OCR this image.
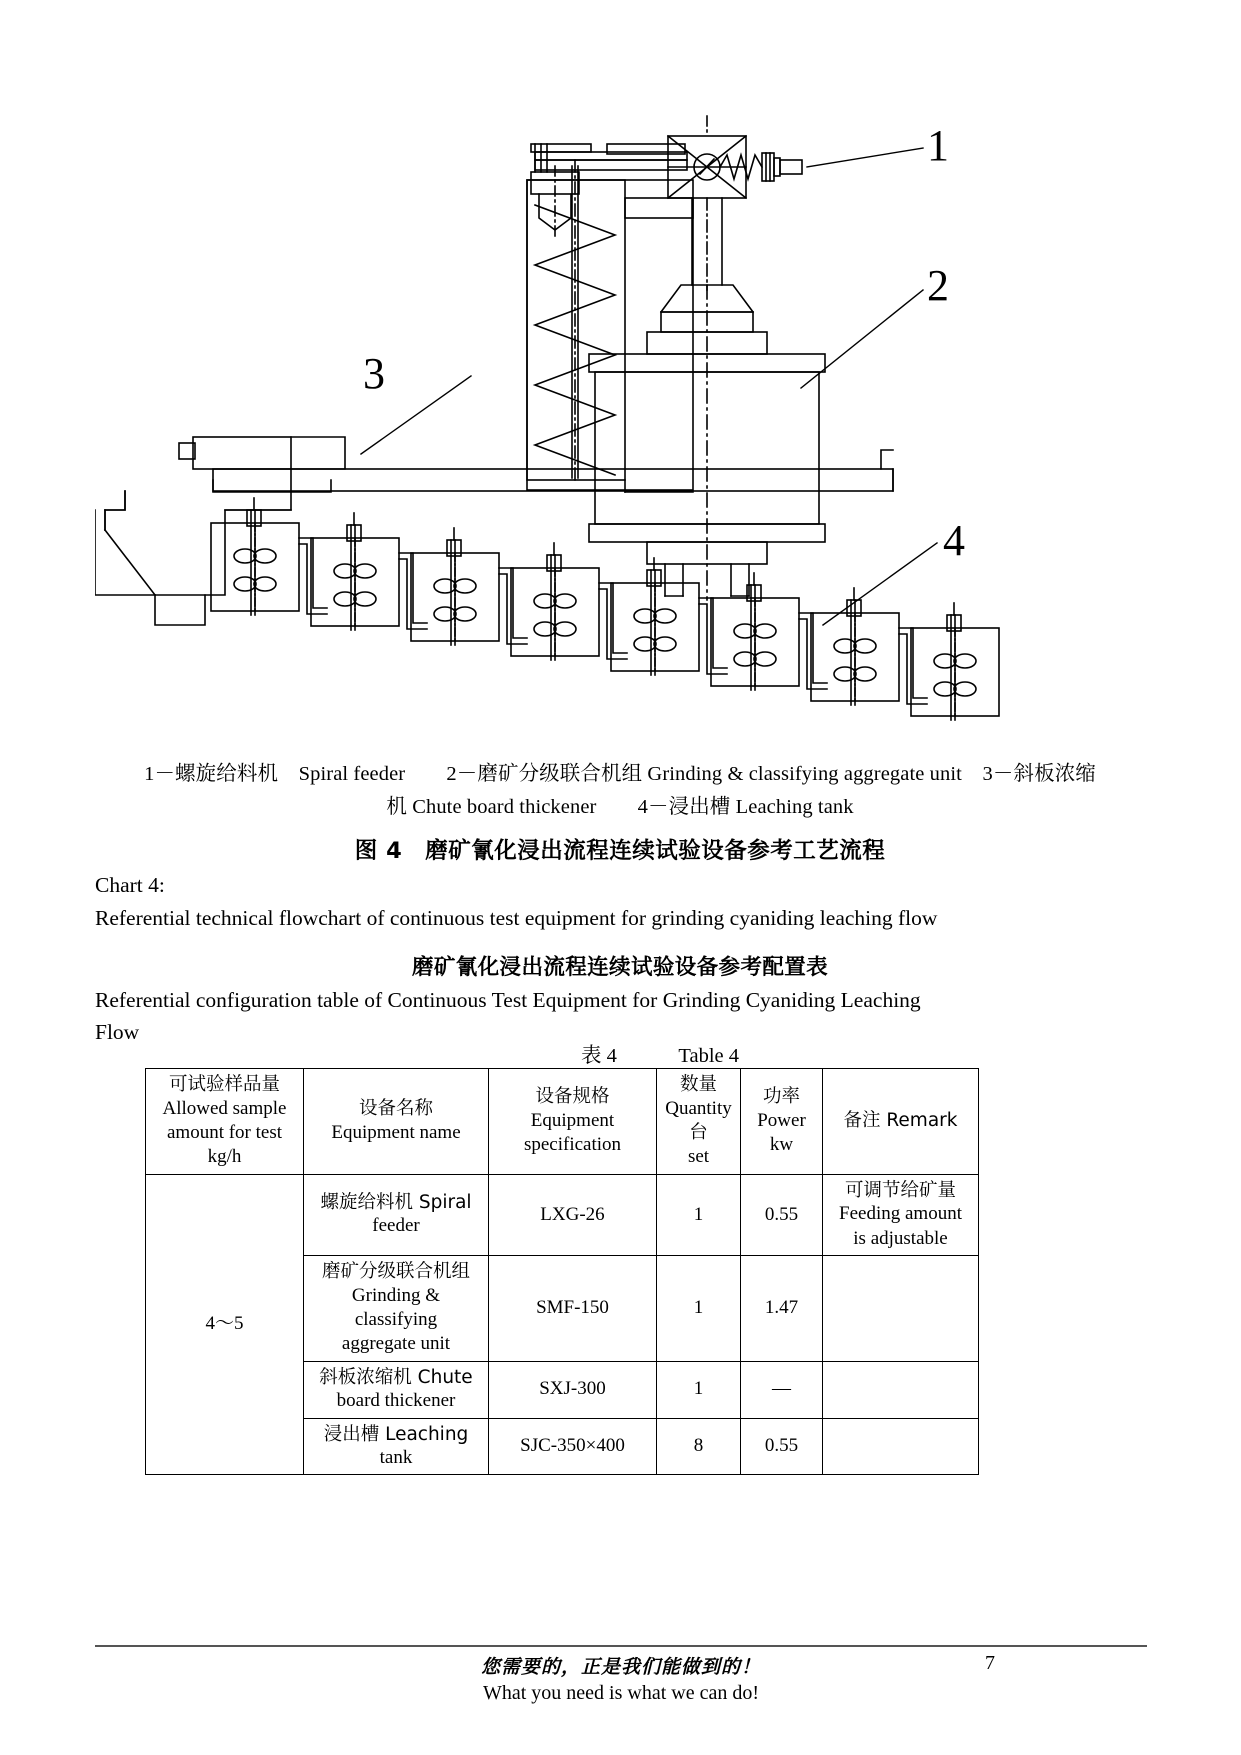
1
2
3
4
1－螺旋给料机　Spiral feeder　　2－磨矿分级联合机组 Grinding & classifying aggregate unit　3－斜板浓缩
机 Chute board thickener　　4－浸出槽 Leaching tank
图 4　磨矿氰化浸出流程连续试验设备参考工艺流程
Chart 4:
Referential technical flowchart of continuous test equipment for grinding cyaniding leaching flow
磨矿氰化浸出流程连续试验设备参考配置表
Referential configuration table of Continuous Test Equipment for Grinding Cyaniding Leaching
Flow
表 4　　　Table 4
可试验样品量
Allowed sample
amount for test
kg/h	设备名称
Equipment name	设备规格
Equipment
specification	数量
Quantity
台
set	功率
Power
kw	备注 Remark
4～5	螺旋给料机 Spiral
feeder	LXG-26	1	0.55	可调节给矿量
Feeding amount
is adjustable

	磨矿分级联合机组
Grinding &
classifying
aggregate unit	SMF-150	1	1.47	

	斜板浓缩机 Chute
board thickener	SXJ-300	1	—	

	浸出槽 Leaching
tank	SJC-350×400	8	0.55	
您需要的，正是我们能做到的！
What you need is what we can do!
7
